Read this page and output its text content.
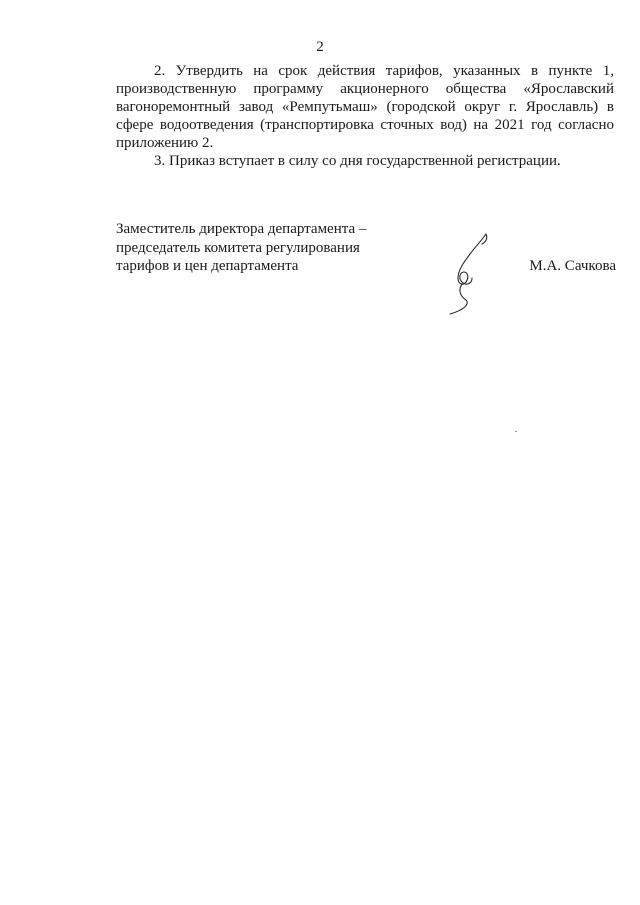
2

2. Утвердить на срок действия тарифов, указанных в пункте 1, производственную программу акционерного общества «Ярославский вагоноремонтный завод «Ремпутьмаш» (городской округ г. Ярославль) в сфере водоотведения (транспортировка сточных вод) на 2021 год согласно приложению 2.

3. Приказ вступает в силу со дня государственной регистрации.

Заместитель директора департамента –
председатель комитета регулирования
тарифов и цен департамента	М.А. Сачкова
